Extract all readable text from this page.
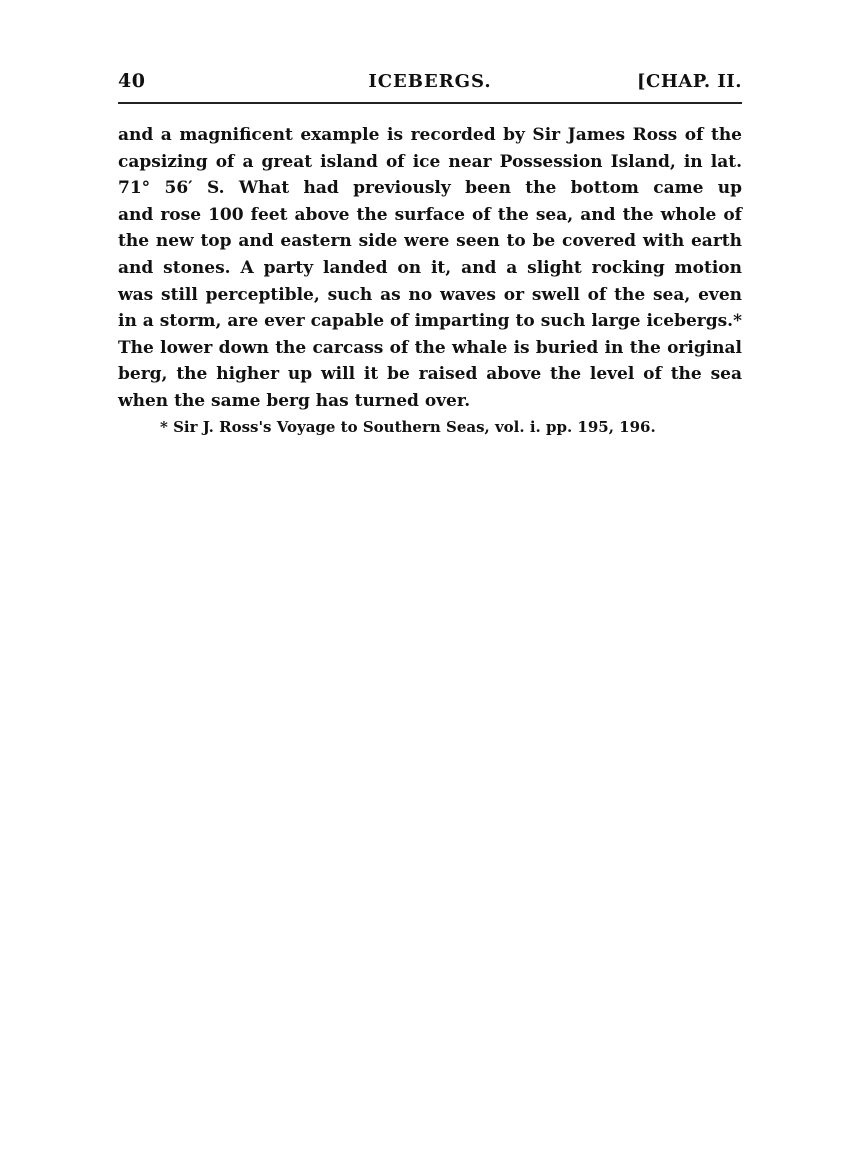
40	ICEBERGS.	[CHAP. II.
and a magnificent example is recorded by Sir James Ross of the
capsizing of a great island of ice near Possession Island, in lat.
71° 56′ S. What had previously been the bottom came up
and rose 100 feet above the surface of the sea, and the whole of
the new top and eastern side were seen to be covered with earth
and stones. A party landed on it, and a slight rocking motion
was still perceptible, such as no waves or swell of the sea, even
in a storm, are ever capable of imparting to such large icebergs.*
The lower down the carcass of the whale is buried in the original
berg, the higher up will it be raised above the level of the sea
when the same berg has turned over.
* Sir J. Ross's Voyage to Southern Seas, vol. i. pp. 195, 196.
